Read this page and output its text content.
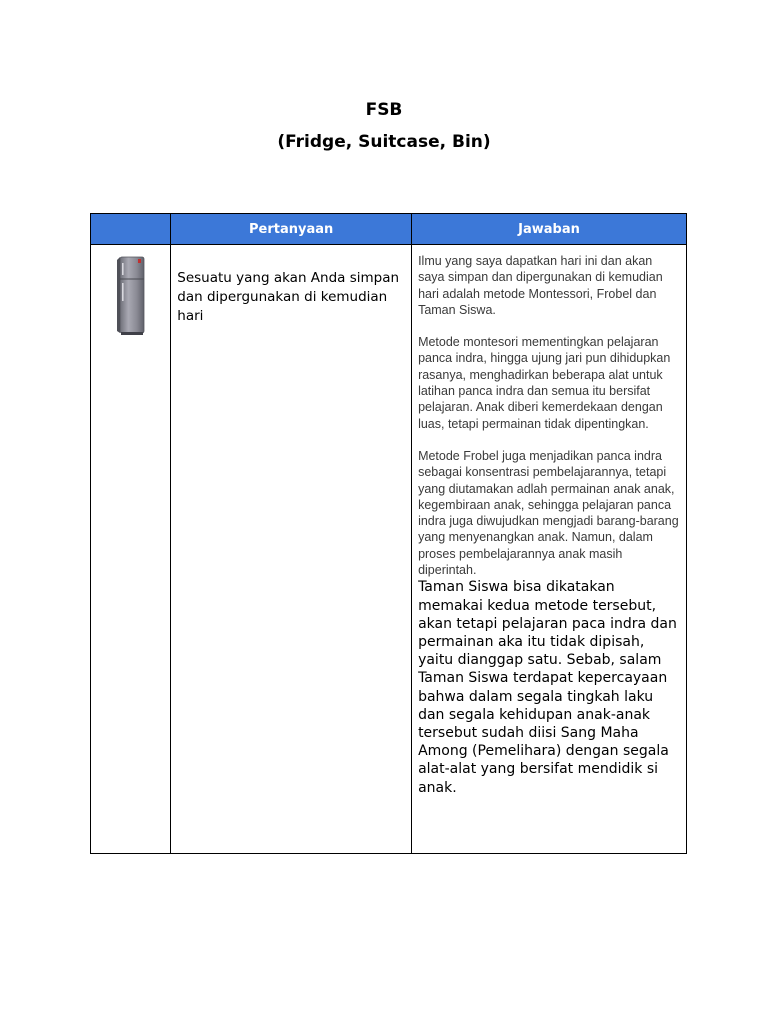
FSB
(Fridge, Suitcase, Bin)
	Pertanyaan	Jawaban
	Sesuatu yang akan Anda simpan dan dipergunakan di kemudian hari	Ilmu yang saya dapatkan hari ini dan akan saya simpan dan dipergunakan di kemudian hari adalah metode Montessori, Frobel dan Taman Siswa.

Metode montesori mementingkan pelajaran panca indra, hingga ujung jari pun dihidupkan rasanya, menghadirkan beberapa alat untuk latihan panca indra dan semua itu bersifat pelajaran. Anak diberi kemerdekaan dengan luas, tetapi permainan tidak dipentingkan.

Metode Frobel juga menjadikan panca indra sebagai konsentrasi pembelajarannya, tetapi yang diutamakan adlah permainan anak anak, kegembiraan anak, sehingga pelajaran panca indra juga diwujudkan mengjadi barang-barang yang menyenangkan anak. Namun, dalam proses pembelajarannya anak masih diperintah.

Taman Siswa bisa dikatakan memakai kedua metode tersebut, akan tetapi pelajaran paca indra dan permainan aka itu tidak dipisah, yaitu dianggap satu. Sebab, salam Taman Siswa terdapat kepercayaan bahwa dalam segala tingkah laku dan segala kehidupan anak-anak tersebut sudah diisi Sang Maha Among (Pemelihara) dengan segala alat-alat yang bersifat mendidik si anak.
